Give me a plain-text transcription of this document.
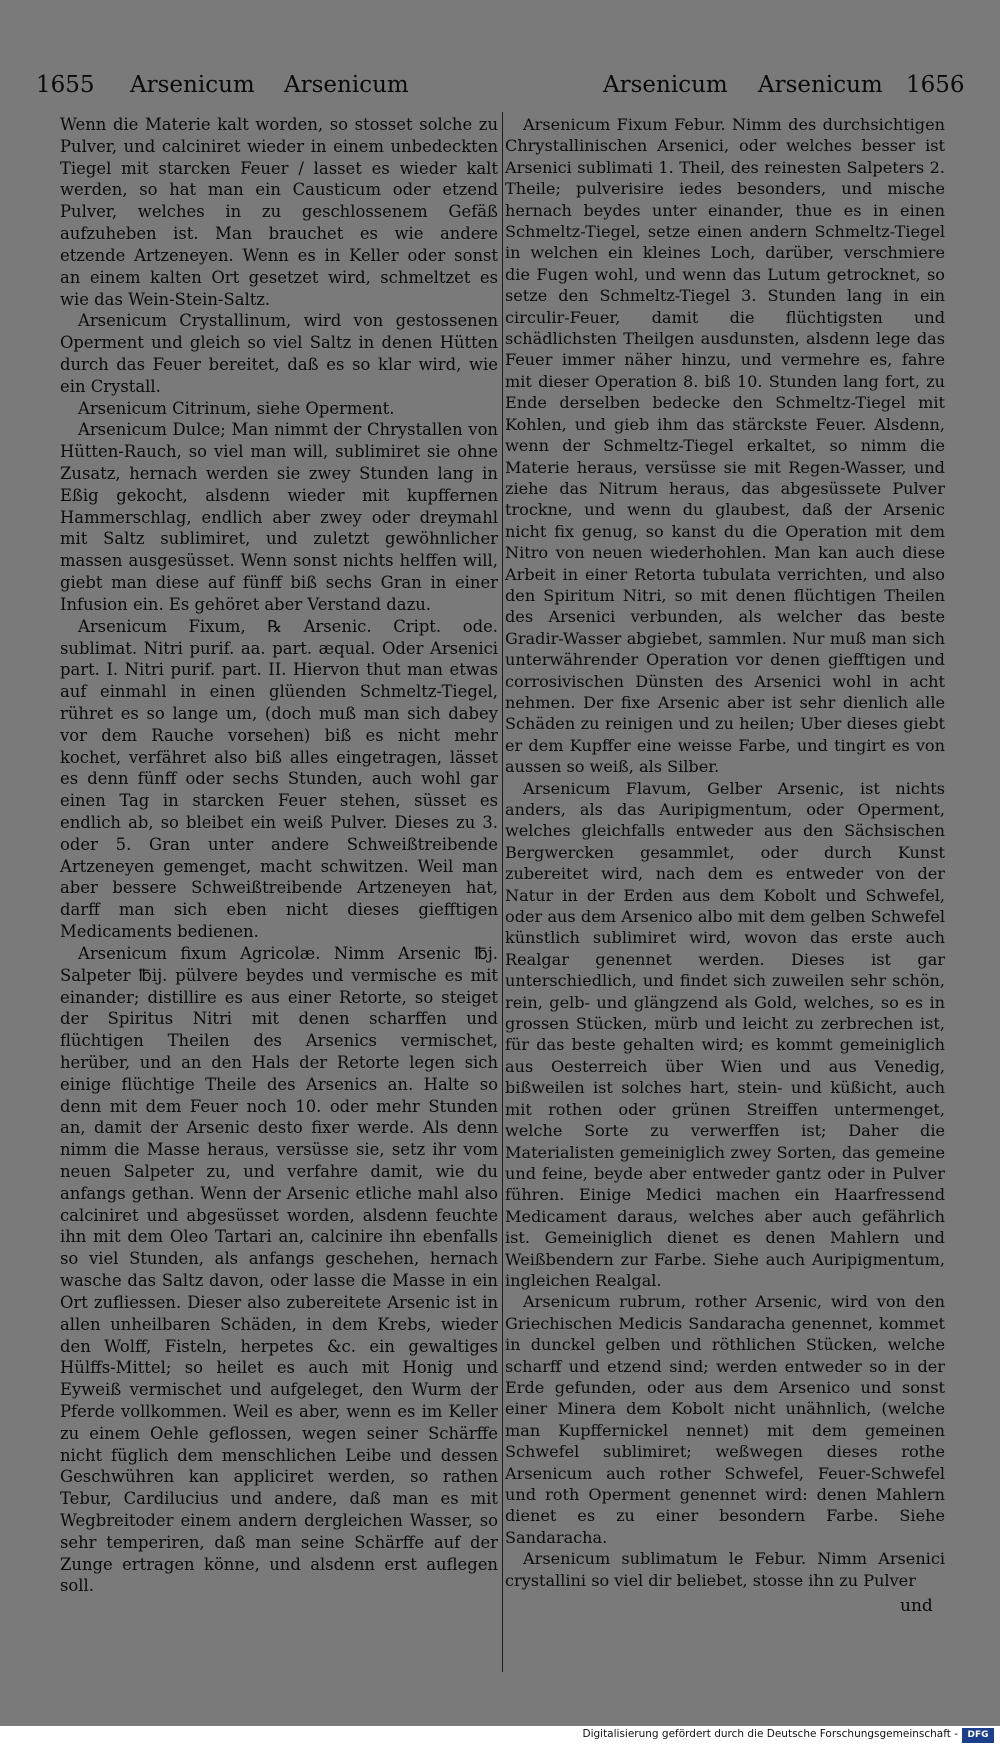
1655 Arsenicum Arsenicum	Arsenicum Arsenicum 1656

Wenn die Materie kalt worden, so stosset solche zu Pulver, und calciniret wieder in einem unbedeckten Tiegel mit starcken Feuer / lasset es wieder kalt werden, so hat man ein Causticum oder etzend Pulver, welches in zu geschlossenem Gefäß aufzuheben ist. Man brauchet es wie andere etzende Artzeneyen. Wenn es in Keller oder sonst an einem kalten Ort gesetzet wird, schmeltzet es wie das Wein-Stein-Saltz.

Arsenicum Crystallinum, wird von gestossenen Operment und gleich so viel Saltz in denen Hütten durch das Feuer bereitet, daß es so klar wird, wie ein Crystall.

Arsenicum Citrinum, siehe Operment.

Arsenicum Dulce; Man nimmt der Chrystallen von Hütten-Rauch, so viel man will, sublimiret sie ohne Zusatz, hernach werden sie zwey Stunden lang in Eßig gekocht, alsdenn wieder mit kupffernen Hammerschlag, endlich aber zwey oder dreymahl mit Saltz sublimiret, und zuletzt gewöhnlicher massen ausgesüsset. Wenn sonst nichts helffen will, giebt man diese auf fünff biß sechs Gran in einer Infusion ein. Es gehöret aber Verstand dazu.

Arsenicum Fixum, ℞ Arsenic. Cript. ode. sublimat. Nitri purif. aa. part. æqual. Oder Arsenici part. I. Nitri purif. part. II. Hiervon thut man etwas auf einmahl in einen glüenden Schmeltz-Tiegel, rühret es so lange um, (doch muß man sich dabey vor dem Rauche vorsehen) biß es nicht mehr kochet, verfähret also biß alles eingetragen, lässet es denn fünff oder sechs Stunden, auch wohl gar einen Tag in starcken Feuer stehen, süsset es endlich ab, so bleibet ein weiß Pulver. Dieses zu 3. oder 5. Gran unter andere Schweißtreibende Artzeneyen gemenget, macht schwitzen. Weil man aber bessere Schweißtreibende Artzeneyen hat, darff man sich eben nicht dieses giefftigen Medicaments bedienen.

Arsenicum fixum Agricolæ. Nimm Arsenic ℔j. Salpeter ℔ij. pülvere beydes und vermische es mit einander; distillire es aus einer Retorte, so steiget der Spiritus Nitri mit denen scharffen und flüchtigen Theilen des Arsenics vermischet, herüber, und an den Hals der Retorte legen sich einige flüchtige Theile des Arsenics an. Halte so denn mit dem Feuer noch 10. oder mehr Stunden an, damit der Arsenic desto fixer werde. Als denn nimm die Masse heraus, versüsse sie, setz ihr vom neuen Salpeter zu, und verfahre damit, wie du anfangs gethan. Wenn der Arsenic etliche mahl also calciniret und abgesüsset worden, alsdenn feuchte ihn mit dem Oleo Tartari an, calcinire ihn ebenfalls so viel Stunden, als anfangs geschehen, hernach wasche das Saltz davon, oder lasse die Masse in ein Ort zufliessen. Dieser also zubereitete Arsenic ist in allen unheilbaren Schäden, in dem Krebs, wieder den Wolff, Fisteln, herpetes &c. ein gewaltiges Hülffs-Mittel; so heilet es auch mit Honig und Eyweiß vermischet und aufgeleget, den Wurm der Pferde vollkommen. Weil es aber, wenn es im Keller zu einem Oehle geflossen, wegen seiner Schärffe nicht füglich dem menschlichen Leibe und dessen Geschwühren kan appliciret werden, so rathen Tebur, Cardilucius und andere, daß man es mit Wegbreitoder einem andern dergleichen Wasser, so sehr temperiren, daß man seine Schärffe auf der Zunge ertragen könne, und alsdenn erst auflegen soll.

Arsenicum Fixum Febur. Nimm des durchsichtigen Chrystallinischen Arsenici, oder welches besser ist Arsenici sublimati 1. Theil, des reinesten Salpeters 2. Theile; pulverisire iedes besonders, und mische hernach beydes unter einander, thue es in einen Schmeltz-Tiegel, setze einen andern Schmeltz-Tiegel in welchen ein kleines Loch, darüber, verschmiere die Fugen wohl, und wenn das Lutum getrocknet, so setze den Schmeltz-Tiegel 3. Stunden lang in ein circulir-Feuer, damit die flüchtigsten und schädlichsten Theilgen ausdunsten, alsdenn lege das Feuer immer näher hinzu, und vermehre es, fahre mit dieser Operation 8. biß 10. Stunden lang fort, zu Ende derselben bedecke den Schmeltz-Tiegel mit Kohlen, und gieb ihm das stärckste Feuer. Alsdenn, wenn der Schmeltz-Tiegel erkaltet, so nimm die Materie heraus, versüsse sie mit Regen-Wasser, und ziehe das Nitrum heraus, das abgesüssete Pulver trockne, und wenn du glaubest, daß der Arsenic nicht fix genug, so kanst du die Operation mit dem Nitro von neuen wiederhohlen. Man kan auch diese Arbeit in einer Retorta tubulata verrichten, und also den Spiritum Nitri, so mit denen flüchtigen Theilen des Arsenici verbunden, als welcher das beste Gradir-Wasser abgiebet, sammlen. Nur muß man sich unterwährender Operation vor denen giefftigen und corrosivischen Dünsten des Arsenici wohl in acht nehmen. Der fixe Arsenic aber ist sehr dienlich alle Schäden zu reinigen und zu heilen; Uber dieses giebt er dem Kupffer eine weisse Farbe, und tingirt es von aussen so weiß, als Silber.

Arsenicum Flavum, Gelber Arsenic, ist nichts anders, als das Auripigmentum, oder Operment, welches gleichfalls entweder aus den Sächsischen Bergwercken gesammlet, oder durch Kunst zubereitet wird, nach dem es entweder von der Natur in der Erden aus dem Kobolt und Schwefel, oder aus dem Arsenico albo mit dem gelben Schwefel künstlich sublimiret wird, wovon das erste auch Realgar genennet werden. Dieses ist gar unterschiedlich, und findet sich zuweilen sehr schön, rein, gelb- und glängzend als Gold, welches, so es in grossen Stücken, mürb und leicht zu zerbrechen ist, für das beste gehalten wird; es kommt gemeiniglich aus Oesterreich über Wien und aus Venedig, bißweilen ist solches hart, stein- und küßicht, auch mit rothen oder grünen Streiffen untermenget, welche Sorte zu verwerffen ist; Daher die Materialisten gemeiniglich zwey Sorten, das gemeine und feine, beyde aber entweder gantz oder in Pulver führen. Einige Medici machen ein Haarfressend Medicament daraus, welches aber auch gefährlich ist. Gemeiniglich dienet es denen Mahlern und Weißbendern zur Farbe. Siehe auch Auripigmentum, ingleichen Realgal.

Arsenicum rubrum, rother Arsenic, wird von den Griechischen Medicis Sandaracha genennet, kommet in dunckel gelben und röthlichen Stücken, welche scharff und etzend sind; werden entweder so in der Erde gefunden, oder aus dem Arsenico und sonst einer Minera dem Kobolt nicht unähnlich, (welche man Kupffernickel nennet) mit dem gemeinen Schwefel sublimiret; weßwegen dieses rothe Arsenicum auch rother Schwefel, Feuer-Schwefel und roth Operment genennet wird: denen Mahlern dienet es zu einer besondern Farbe. Siehe Sandaracha.

Arsenicum sublimatum le Febur. Nimm Arsenici crystallini so viel dir beliebet, stosse ihn zu Pulver

und
Digitalisierung gefördert durch die Deutsche Forschungsgemeinschaft -	DFG
